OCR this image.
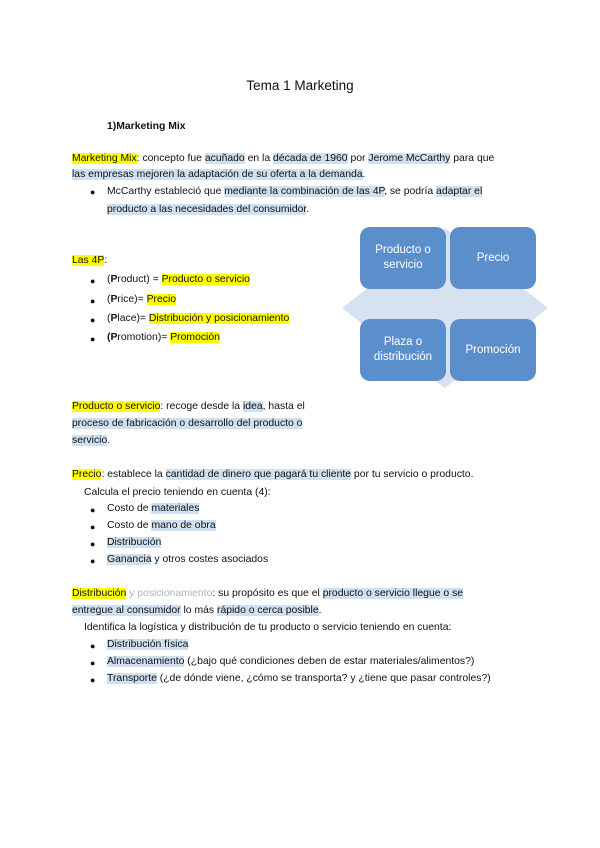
Tema 1 Marketing
1)Marketing Mix
Marketing Mix: concepto fue acuñado en la década de 1960 por Jerome McCarthy para que
las empresas mejoren la adaptación de su oferta a la demanda.
● McCarthy estableció que mediante la combinación de las 4P, se podría adaptar el
producto a las necesidades del consumidor.
Las 4P:
● (Product) = Producto o servicio
● (Price)= Precio
● (Place)= Distribución y posicionamiento
● (Promotion)= Promoción
Producto o servicio
Precio
Plaza o distribución
Promoción
Producto o servicio: recoge desde la idea, hasta el
proceso de fabricación o desarrollo del producto o
servicio.
Precio: establece la cantidad de dinero que pagará tu cliente por tu servicio o producto.
Calcula el precio teniendo en cuenta (4):
● Costo de materiales
● Costo de mano de obra
● Distribución
● Ganancia y otros costes asociados
Distribución y posicionamiento: su propósito es que el producto o servicio llegue o se
entregue al consumidor lo más rápido o cerca posible.
Identifica la logística y distribución de tu producto o servicio teniendo en cuenta:
● Distribución física
● Almacenamiento (¿bajo qué condiciones deben de estar materiales/alimentos?)
● Transporte (¿de dónde viene, ¿cómo se transporta? y ¿tiene que pasar controles?)
